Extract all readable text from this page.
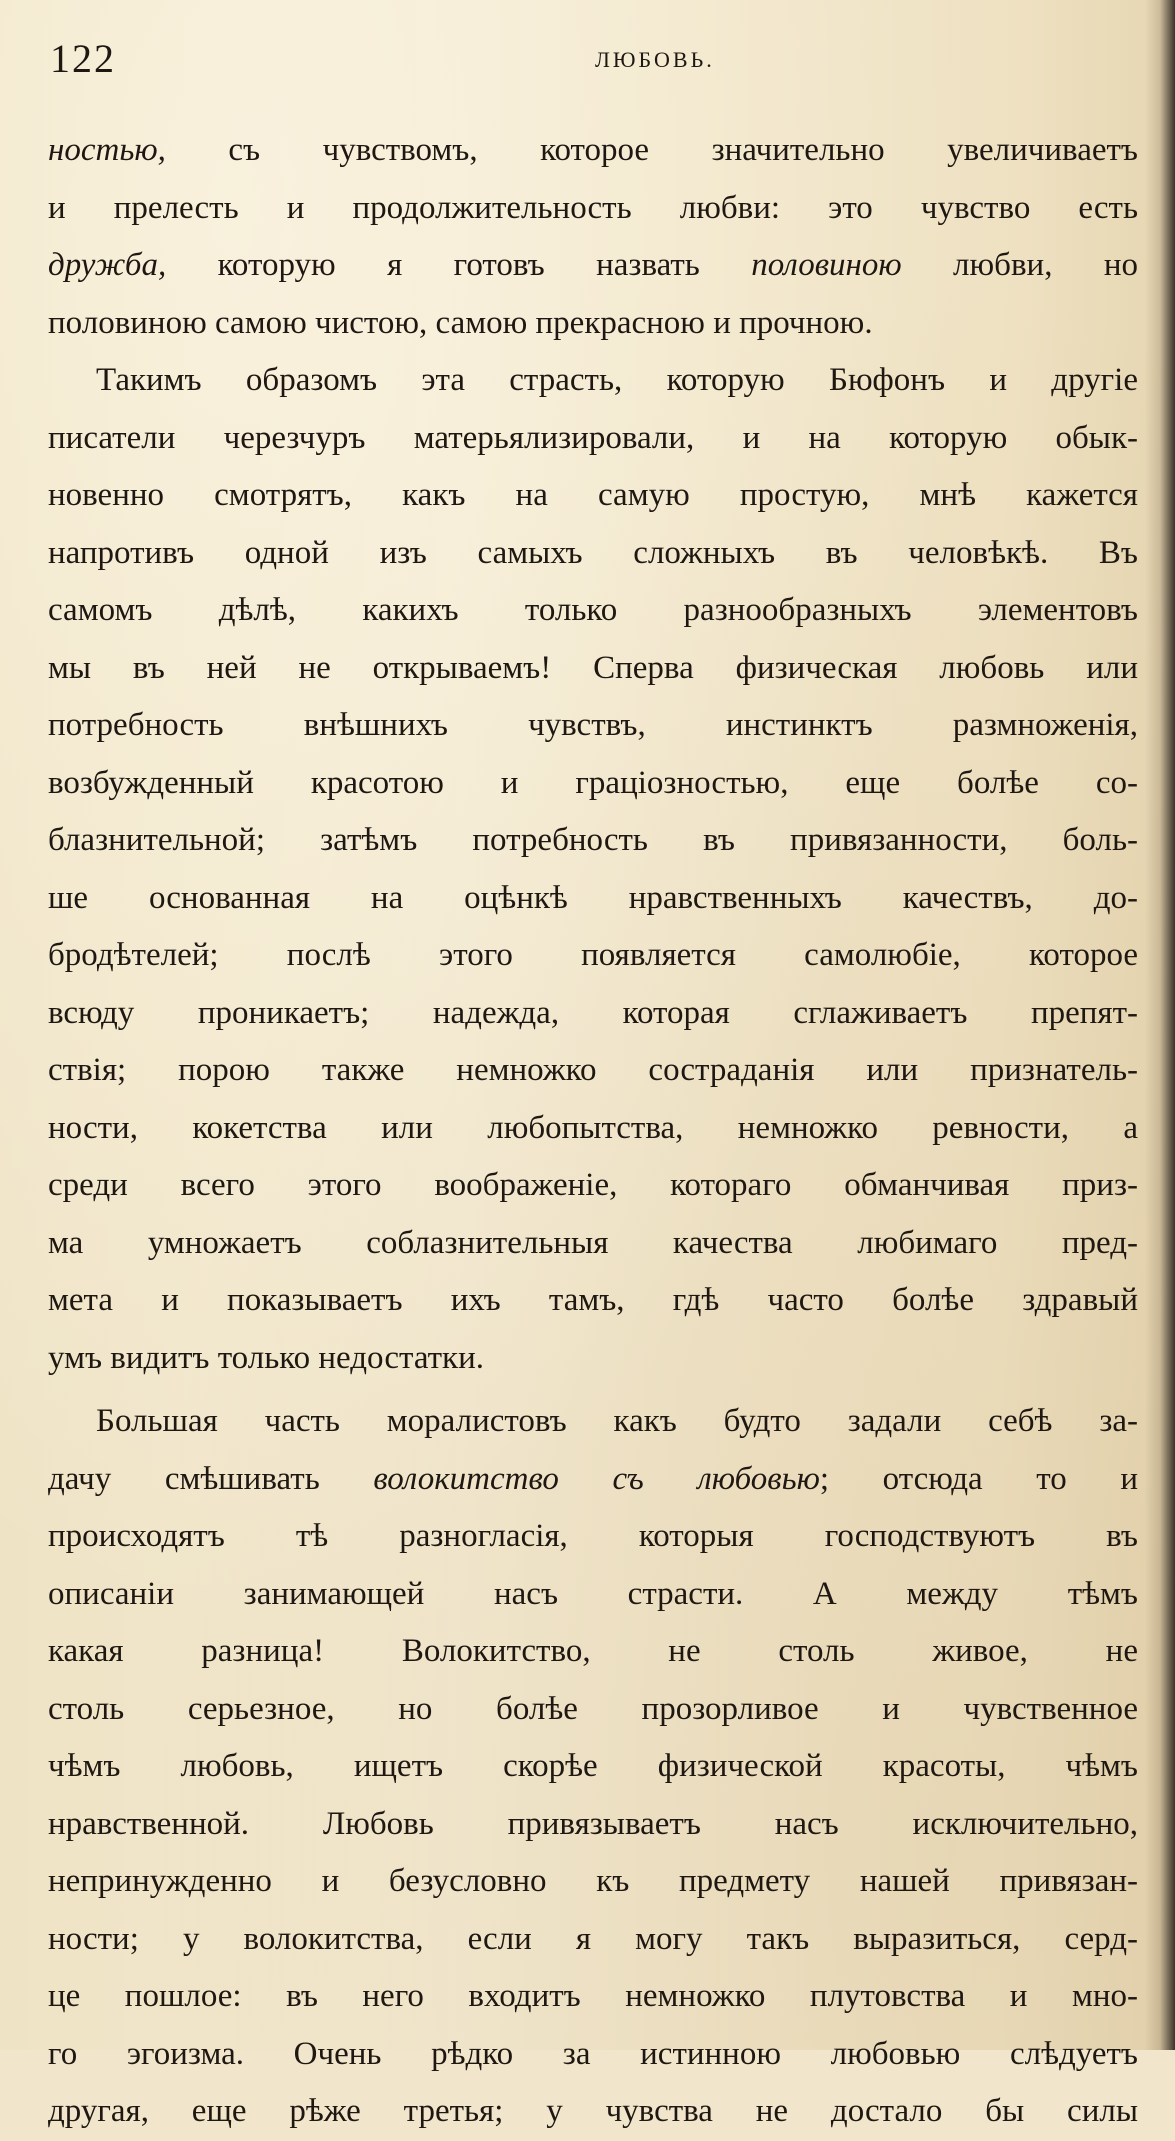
122	ЛЮБОВЬ.
ностью, съ чувствомъ, которое значительно увеличиваетъ
и прелесть и продолжительность любви: это чувство есть
дружба, которую я готовъ назвать половиною любви, но
половиною самою чистою, самою прекрасною и прочною.
Такимъ образомъ эта страсть, которую Бюфонъ и другіе
писатели черезчуръ матерьялизировали, и на которую обык-
новенно смотрятъ, какъ на самую простую, мнѣ кажется
напротивъ одной изъ самыхъ сложныхъ въ человѣкѣ. Въ
самомъ дѣлѣ, какихъ только разнообразныхъ элементовъ
мы въ ней не открываемъ! Сперва физическая любовь или
потребность внѣшнихъ чувствъ, инстинктъ размноженія,
возбужденный красотою и граціозностью, еще болѣе со-
блазнительной; затѣмъ потребность въ привязанности, боль-
ше основанная на оцѣнкѣ нравственныхъ качествъ, до-
бродѣтелей; послѣ этого появляется самолюбіе, которое
всюду проникаетъ; надежда, которая сглаживаетъ препят-
ствія; порою также немножко состраданія или признатель-
ности, кокетства или любопытства, немножко ревности, а
среди всего этого воображеніе, котораго обманчивая приз-
ма умножаетъ соблазнительныя качества любимаго пред-
мета и показываетъ ихъ тамъ, гдѣ часто болѣе здравый
умъ видитъ только недостатки.
Большая часть моралистовъ какъ будто задали себѣ за-
дачу смѣшивать волокитство съ любовью; отсюда то и
происходятъ тѣ разногласія, которыя господствуютъ въ
описаніи занимающей насъ страсти. А между тѣмъ
какая разница! Волокитство, не столь живое, не
столь серьезное, но болѣе прозорливое и чувственное
чѣмъ любовь, ищетъ скорѣе физической красоты, чѣмъ
нравственной. Любовь привязываетъ насъ исключительно,
непринужденно и безусловно къ предмету нашей привязан-
ности; у волокитства, если я могу такъ выразиться, серд-
це пошлое: въ него входитъ немножко плутовства и мно-
го эгоизма. Очень рѣдко за истинною любовью слѣдуетъ
другая, еще рѣже третья; у чувства не достало бы силы
